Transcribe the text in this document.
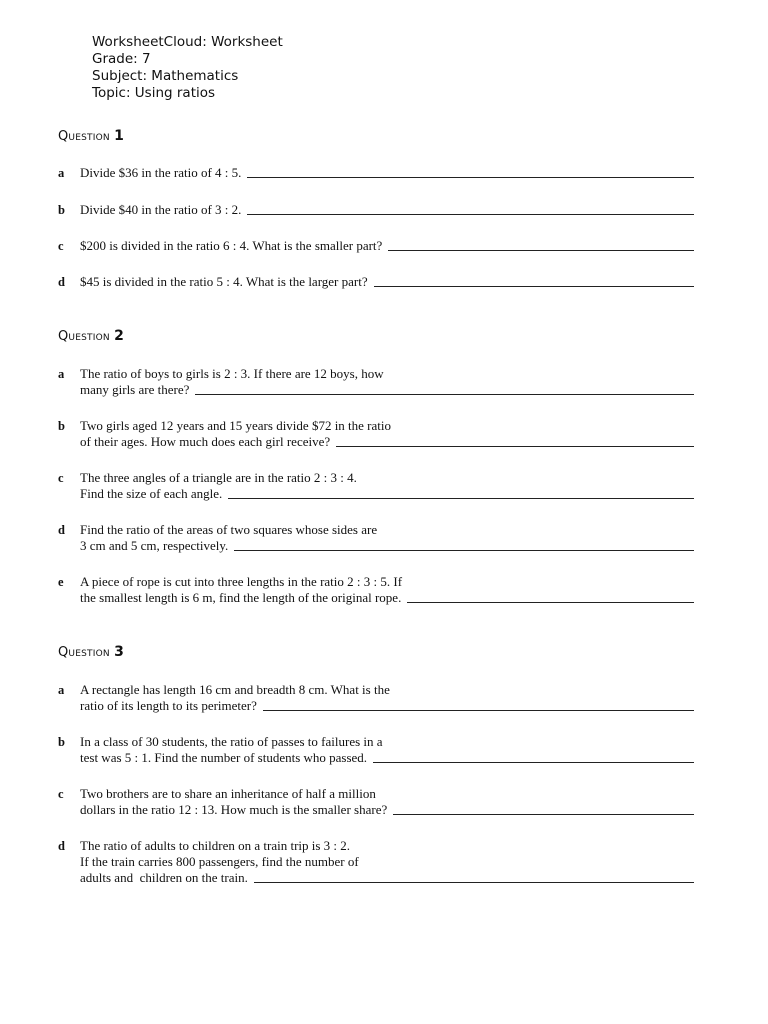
WorksheetCloud: Worksheet
Grade: 7
Subject: Mathematics
Topic: Using ratios
Question 1
a Divide $36 in the ratio of 4 : 5.
b Divide $40 in the ratio of 3 : 2.
c $200 is divided in the ratio 6 : 4. What is the smaller part?
d $45 is divided in the ratio 5 : 4. What is the larger part?
Question 2
a The ratio of boys to girls is 2 : 3. If there are 12 boys, how
many girls are there?
b Two girls aged 12 years and 15 years divide $72 in the ratio
of their ages. How much does each girl receive?
c The three angles of a triangle are in the ratio 2 : 3 : 4.
Find the size of each angle.
d Find the ratio of the areas of two squares whose sides are
3 cm and 5 cm, respectively.
e A piece of rope is cut into three lengths in the ratio 2 : 3 : 5. If
the smallest length is 6 m, find the length of the original rope.
Question 3
a A rectangle has length 16 cm and breadth 8 cm. What is the
ratio of its length to its perimeter?
b In a class of 30 students, the ratio of passes to failures in a
test was 5 : 1. Find the number of students who passed.
c Two brothers are to share an inheritance of half a million
dollars in the ratio 12 : 13. How much is the smaller share?
d The ratio of adults to children on a train trip is 3 : 2.
If the train carries 800 passengers, find the number of
adults and  children on the train.
